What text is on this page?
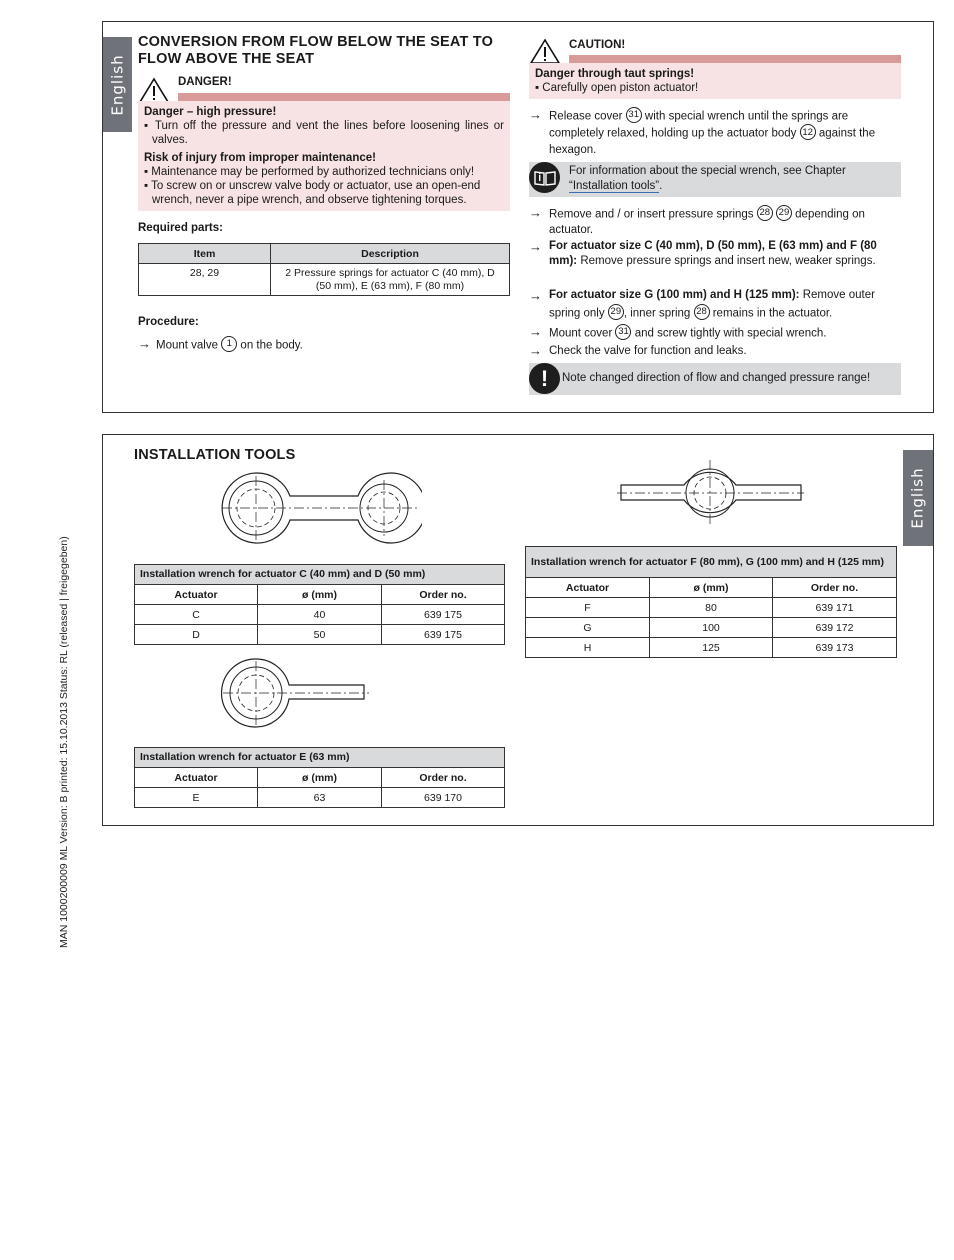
English
English
MAN 1000200009 ML Version: B printed: 15.10.2013 Status: RL (released | freigegeben)
CONVERSION FROM FLOW BELOW THE SEAT TO FLOW ABOVE THE SEAT
DANGER!
Danger – high pressure!
▪ Turn off the pressure and vent the lines before loosening lines or valves.
Risk of injury from improper maintenance!
▪ Maintenance may be performed by authorized technicians only!
▪ To screw on or unscrew valve body or actuator, use an open-end wrench, never a pipe wrench, and observe tightening torques.
Required parts:
Item	Description
28, 29	2 Pressure springs for actuator C (40 mm), D (50 mm), E (63 mm), F (80 mm)
Procedure:
→ Mount valve 1 on the body.
CAUTION!
Danger through taut springs!
▪ Carefully open piston actuator!
→ Release cover 31 with special wrench until the springs are completely relaxed, holding up the actuator body 12 against the hexagon.
For information about the special wrench, see Chapter “Installation tools”.
→ Remove and / or insert pressure springs 28 29 depending on actuator.
→ For actuator size C (40 mm), D (50 mm), E (63 mm) and F (80 mm): Remove pressure springs and insert new, weaker springs.
→ For actuator size G (100 mm) and H (125 mm): Remove outer spring only 29 , inner spring 28 remains in the actuator.
→ Mount cover 31 and screw tightly with special wrench.
→ Check the valve for function and leaks.
!	Note changed direction of flow and changed pressure range!
INSTALLATION TOOLS
Installation wrench for actuator C (40 mm) and D (50 mm)		
Actuator	ø (mm)	Order no.
C	40	639 175
D	50	639 175
Installation wrench for actuator E (63 mm)		
Actuator	ø (mm)	Order no.
E	63	639 170
Installation wrench for actuator F (80 mm), G (100 mm) and H (125 mm)		
Actuator	ø (mm)	Order no.
F	80	639 171
G	100	639 172
H	125	639 173
